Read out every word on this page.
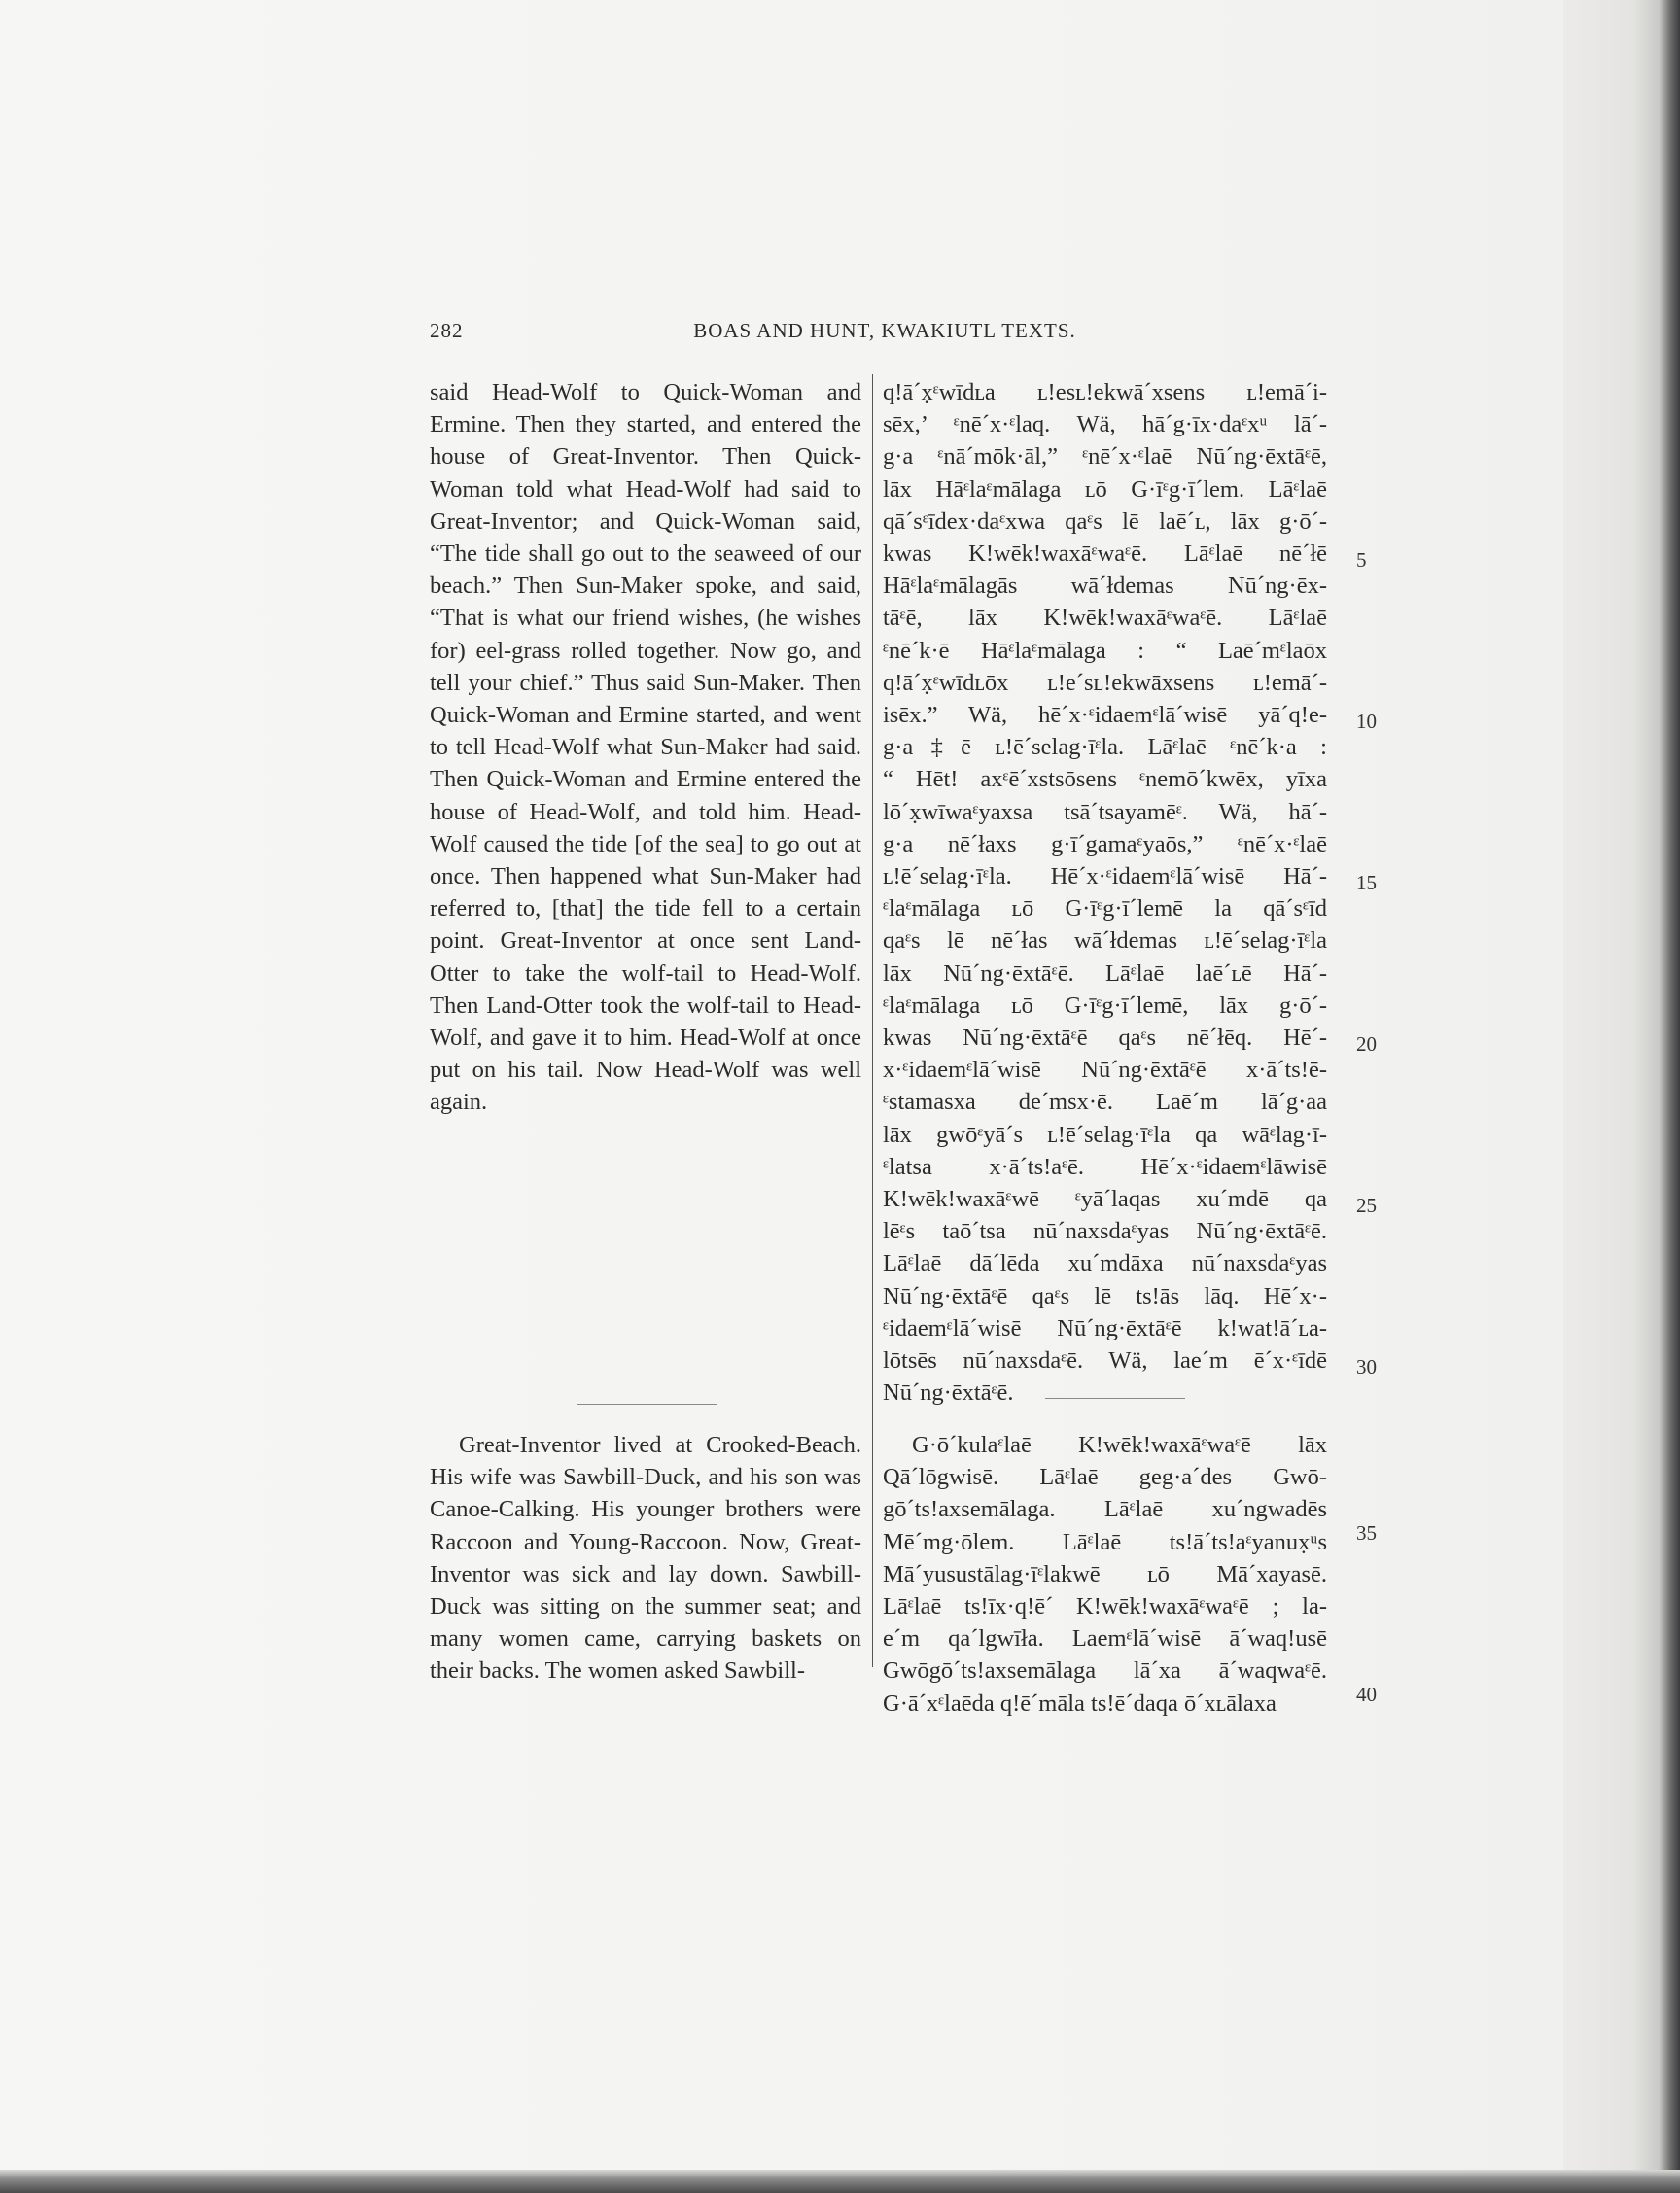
282	BOAS AND HUNT, KWAKIUTL TEXTS.

said Head-Wolf to Quick-Woman and Ermine. Then they started, and entered the house of Great-Inventor. Then Quick-Woman told what Head-Wolf had said to Great-Inventor; and Quick-Woman said, “The tide shall go out to the seaweed of our beach.” Then Sun-Maker spoke, and said, “That is what our friend wishes, (he wishes for) eel-grass rolled together. Now go, and tell your chief.” Thus said Sun-Maker. Then Quick-Woman and Ermine started, and went to tell Head-Wolf what Sun-Maker had said. Then Quick-Woman and Ermine entered the house of Head-Wolf, and told him. Head-Wolf caused the tide [of the sea] to go out at once. Then happened what Sun-Maker had referred to, [that] the tide fell to a certain point. Great-Inventor at once sent Land-Otter to take the wolf-tail to Head-Wolf. Then Land-Otter took the wolf-tail to Head-Wolf, and gave it to him. Head-Wolf at once put on his tail. Now Head-Wolf was well again.

q!ā´x̣ᵋwīdʟa ʟ!esʟ!ekwā´xsens ʟ!emā´i-
sēx,’ ᵋnē´x·ᵋlaq. Wä, hā´g·īx·daᵋxᵘ lā´-
g·a ᵋnā´mōk·āl,” ᵋnē´x·ᵋlaē Nū´ng·ēxtāᵋē,
lāx Hāᵋlaᵋmālaga ʟō G·īᵋg·ī´lem. Lāᵋlaē
qā´sᵋīdex·daᵋxwa qaᵋs lē laē´ʟ, lāx g·ō´-
kwas K!wēk!waxāᵋwaᵋē. Lāᵋlaē nē´łē
Hāᵋlaᵋmālagās wā´łdemas Nū´ng·ēx-
tāᵋē, lāx K!wēk!waxāᵋwaᵋē. Lāᵋlaē
ᵋnē´k·ē Hāᵋlaᵋmālaga : “ Laē´mᵋlaōx
q!ā´x̣ᵋwīdʟōx ʟ!e´sʟ!ekwāxsens ʟ!emā´-
isēx.” Wä, hē´x·ᵋidaemᵋlā´wisē yā´q!e-
g·a‡ē ʟ!ē´selag·īᵋla. Lāᵋlaē ᵋnē´k·a :
“ Hēt! axᵋē´xstsōsens ᵋnemō´kwēx, yīxa
lō´x̣wīwaᵋyaxsa tsā´tsayamēᵋ. Wä, hā´-
g·a nē´łaxs g·ī´gamaᵋyaōs,” ᵋnē´x·ᵋlaē
ʟ!ē´selag·īᵋla. Hē´x·ᵋidaemᵋlā´wisē Hā´-
ᵋlaᵋmālaga ʟō G·īᵋg·ī´lemē la qā´sᵋīd
qaᵋs lē nē´łas wā´łdemas ʟ!ē´selag·īᵋla
lāx Nū´ng·ēxtāᵋē. Lāᵋlaē laē´ʟē Hā´-
ᵋlaᵋmālaga ʟō G·īᵋg·ī´lemē, lāx g·ō´-
kwas Nū´ng·ēxtāᵋē qaᵋs nē´łēq. Hē´-
x·ᵋidaemᵋlā´wisē Nū´ng·ēxtāᵋē x·ā´ts!ē-
ᵋstamasxa de´msx·ē. Laē´m lā´g·aa
lāx gwōᵋyā´s ʟ!ē´selag·īᵋla qa wāᵋlag·ī-
ᵋlatsa x·ā´ts!aᵋē. Hē´x·ᵋidaemᵋlāwisē
K!wēk!waxāᵋwē ᵋyā´laqas xu´mdē qa
lēᵋs taō´tsa nū´naxsdaᵋyas Nū´ng·ēxtāᵋē.
Lāᵋlaē dā´lēda xu´mdāxa nū´naxsdaᵋyas
Nū´ng·ēxtāᵋē qaᵋs lē ts!ās lāq. Hē´x·-
ᵋidaemᵋlā´wisē Nū´ng·ēxtāᵋē k!wat!ā´ʟa-
lōtsēs nū´naxsdaᵋē. Wä, lae´m ē´x·ᵋīdē
Nū´ng·ēxtāᵋē.

Great-Inventor lived at Crooked-Beach. His wife was Sawbill-Duck, and his son was Canoe-Calking. His younger brothers were Raccoon and Young-Raccoon. Now, Great-Inventor was sick and lay down. Sawbill-Duck was sitting on the summer seat; and many women came, carrying baskets on their backs. The women asked Sawbill-

G·ō´kulaᵋlaē K!wēk!waxāᵋwaᵋē lāx
Qā´lōgwisē. Lāᵋlaē geg·a´des Gwō-
gō´ts!axsemālaga. Lāᵋlaē xu´ngwadēs
Mē´mg·ōlem. Lāᵋlaē ts!ā´ts!aᵋyanux̣ᵘs
Mā´yusustālag·īᵋlakwē ʟō Mā´xayasē.
Lāᵋlaē ts!īx·q!ē´ K!wēk!waxāᵋwaᵋē ; la-
e´m qa´lgwīła. Laemᵋlā´wisē ā´waq!usē
Gwōgō´ts!axsemālaga lā´xa ā´waqwaᵋē.
G·ā´xᵋlaēda q!ē´māla ts!ē´daqa ō´xʟālaxa
5
10
15
20
25
30
35
40
